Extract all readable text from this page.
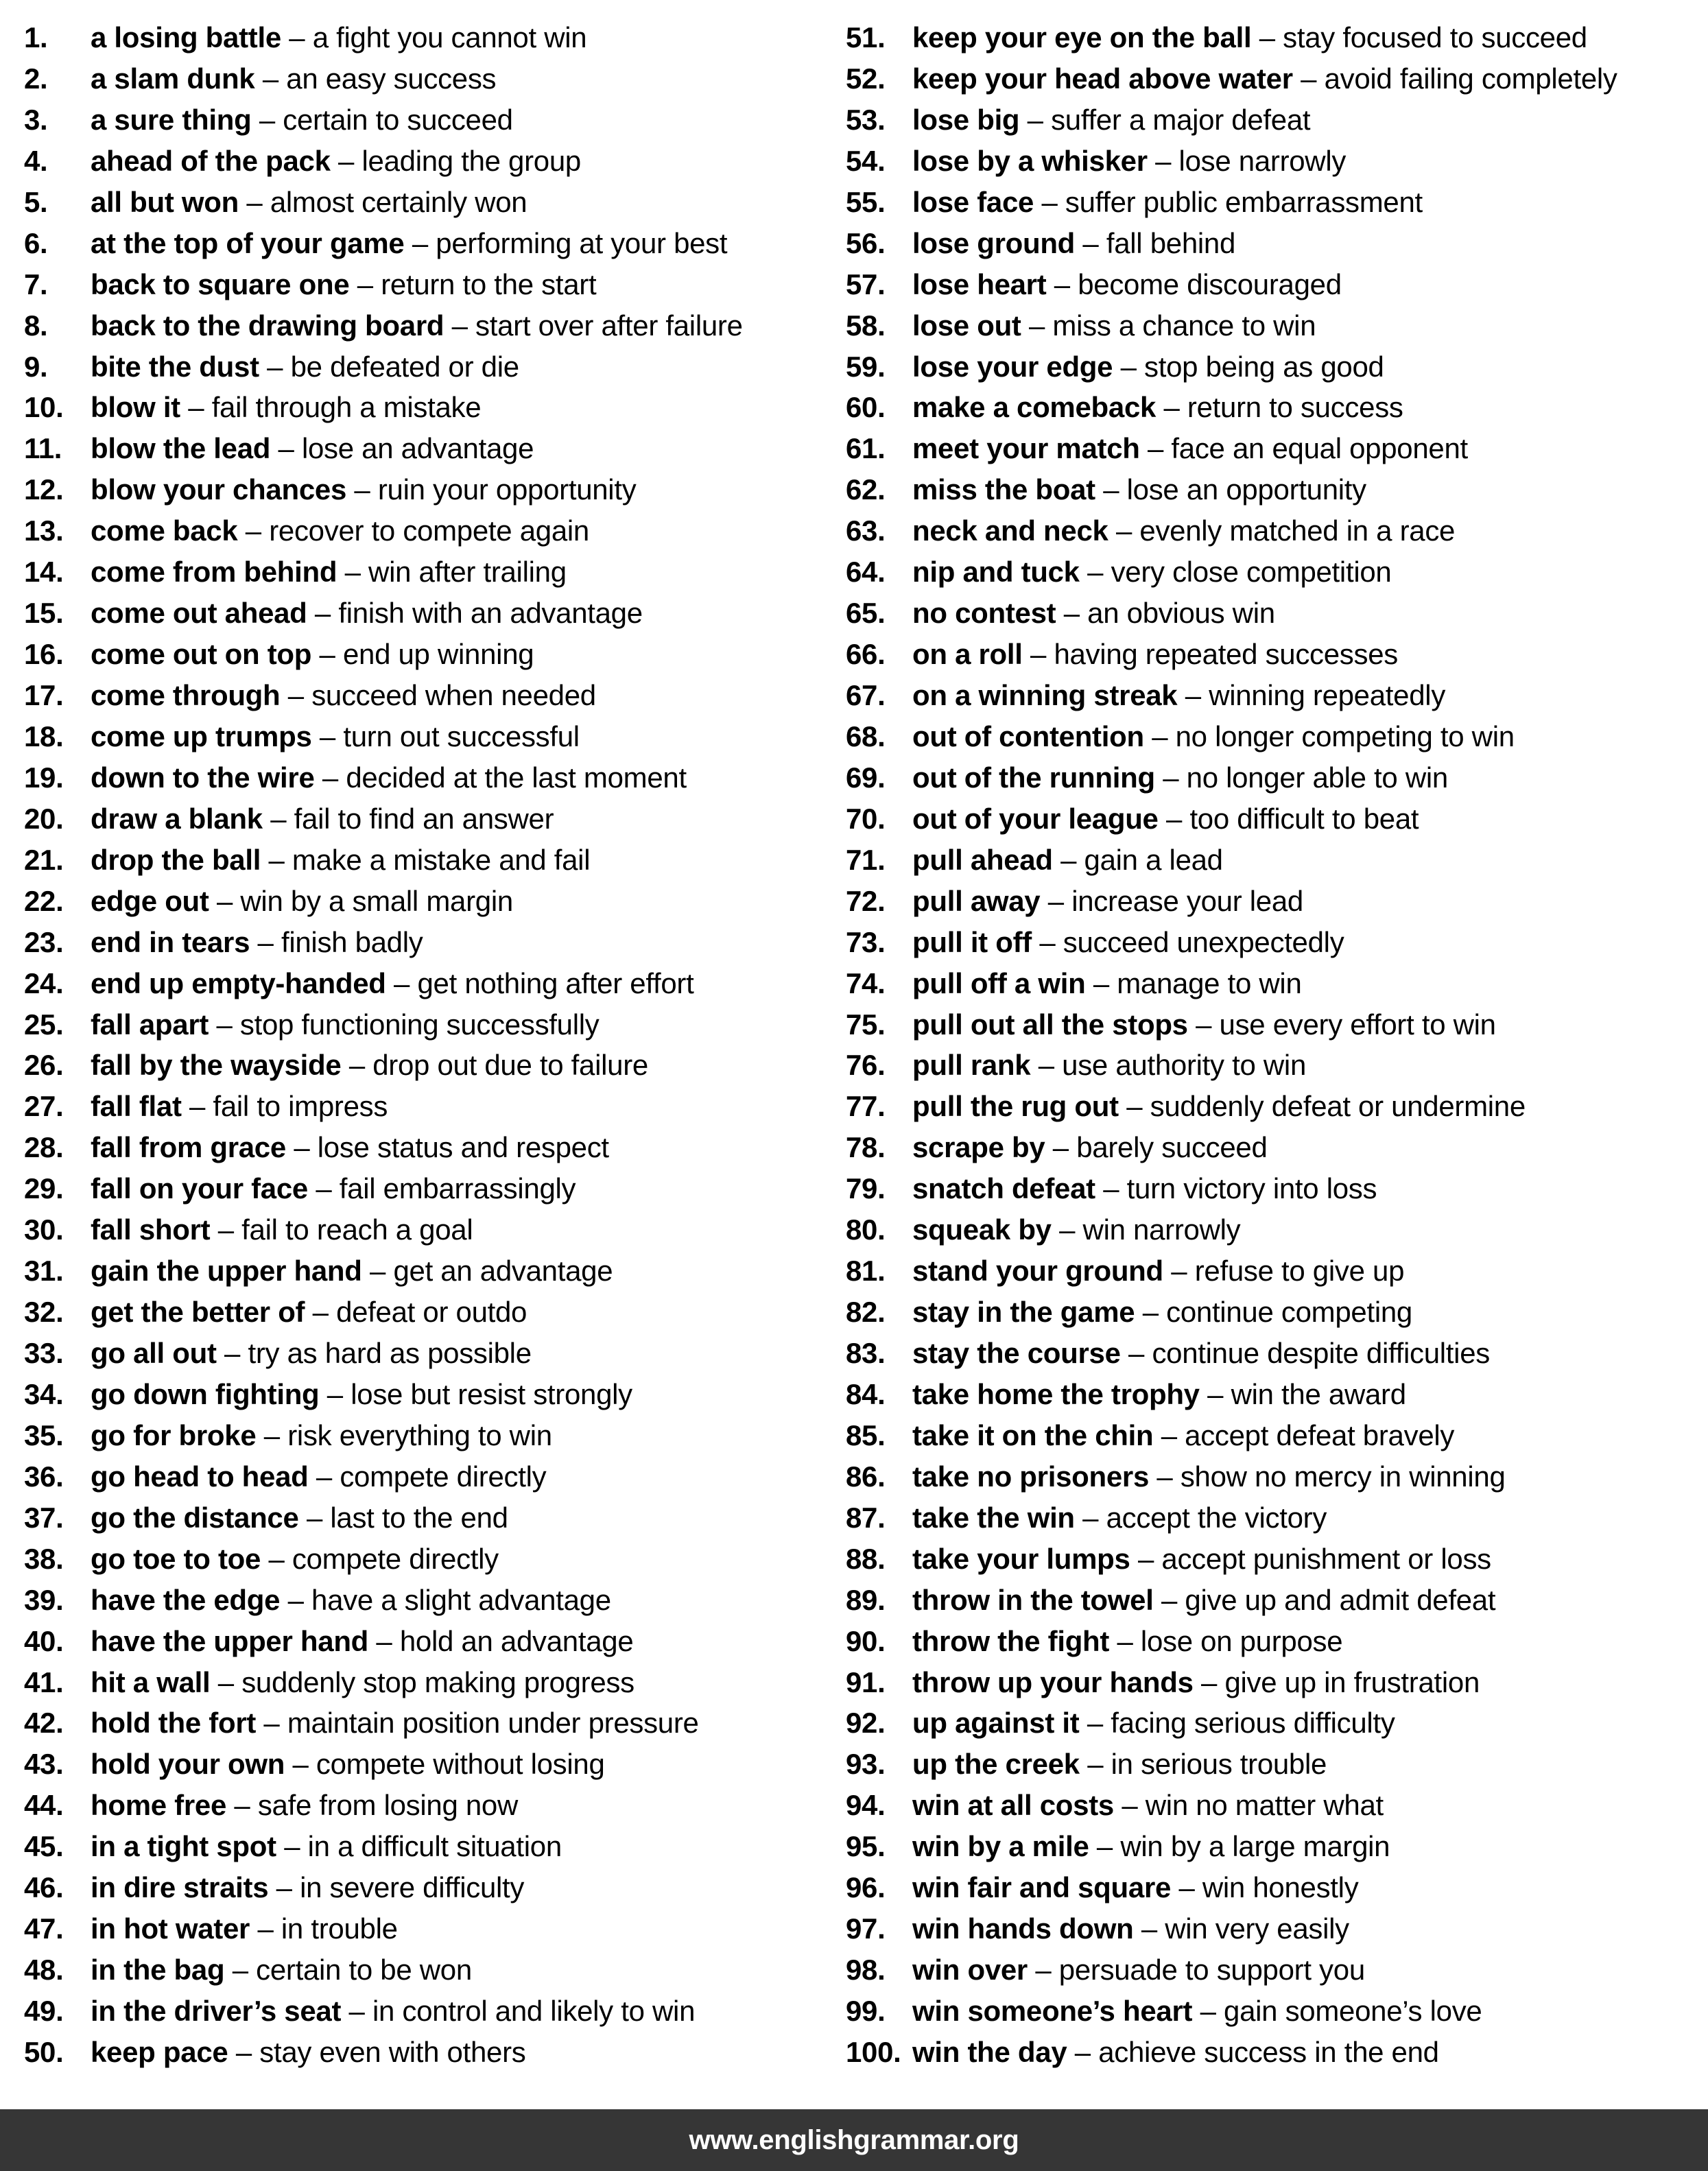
1. a losing battle – a fight you cannot win
2. a slam dunk – an easy success
3. a sure thing – certain to succeed
4. ahead of the pack – leading the group
5. all but won – almost certainly won
6. at the top of your game – performing at your best
7. back to square one – return to the start
8. back to the drawing board – start over after failure
9. bite the dust – be defeated or die
10. blow it – fail through a mistake
11. blow the lead – lose an advantage
12. blow your chances – ruin your opportunity
13. come back – recover to compete again
14. come from behind – win after trailing
15. come out ahead – finish with an advantage
16. come out on top – end up winning
17. come through – succeed when needed
18. come up trumps – turn out successful
19. down to the wire – decided at the last moment
20. draw a blank – fail to find an answer
21. drop the ball – make a mistake and fail
22. edge out – win by a small margin
23. end in tears – finish badly
24. end up empty-handed – get nothing after effort
25. fall apart – stop functioning successfully
26. fall by the wayside – drop out due to failure
27. fall flat – fail to impress
28. fall from grace – lose status and respect
29. fall on your face – fail embarrassingly
30. fall short – fail to reach a goal
31. gain the upper hand – get an advantage
32. get the better of – defeat or outdo
33. go all out – try as hard as possible
34. go down fighting – lose but resist strongly
35. go for broke – risk everything to win
36. go head to head – compete directly
37. go the distance – last to the end
38. go toe to toe – compete directly
39. have the edge – have a slight advantage
40. have the upper hand – hold an advantage
41. hit a wall – suddenly stop making progress
42. hold the fort – maintain position under pressure
43. hold your own – compete without losing
44. home free – safe from losing now
45. in a tight spot – in a difficult situation
46. in dire straits – in severe difficulty
47. in hot water – in trouble
48. in the bag – certain to be won
49. in the driver’s seat – in control and likely to win
50. keep pace – stay even with others
51. keep your eye on the ball – stay focused to succeed
52. keep your head above water – avoid failing completely
53. lose big – suffer a major defeat
54. lose by a whisker – lose narrowly
55. lose face – suffer public embarrassment
56. lose ground – fall behind
57. lose heart – become discouraged
58. lose out – miss a chance to win
59. lose your edge – stop being as good
60. make a comeback – return to success
61. meet your match – face an equal opponent
62. miss the boat – lose an opportunity
63. neck and neck – evenly matched in a race
64. nip and tuck – very close competition
65. no contest – an obvious win
66. on a roll – having repeated successes
67. on a winning streak – winning repeatedly
68. out of contention – no longer competing to win
69. out of the running – no longer able to win
70. out of your league – too difficult to beat
71. pull ahead – gain a lead
72. pull away – increase your lead
73. pull it off – succeed unexpectedly
74. pull off a win – manage to win
75. pull out all the stops – use every effort to win
76. pull rank – use authority to win
77. pull the rug out – suddenly defeat or undermine
78. scrape by – barely succeed
79. snatch defeat – turn victory into loss
80. squeak by – win narrowly
81. stand your ground – refuse to give up
82. stay in the game – continue competing
83. stay the course – continue despite difficulties
84. take home the trophy – win the award
85. take it on the chin – accept defeat bravely
86. take no prisoners – show no mercy in winning
87. take the win – accept the victory
88. take your lumps – accept punishment or loss
89. throw in the towel – give up and admit defeat
90. throw the fight – lose on purpose
91. throw up your hands – give up in frustration
92. up against it – facing serious difficulty
93. up the creek – in serious trouble
94. win at all costs – win no matter what
95. win by a mile – win by a large margin
96. win fair and square – win honestly
97. win hands down – win very easily
98. win over – persuade to support you
99. win someone’s heart – gain someone’s love
100. win the day – achieve success in the end
www.englishgrammar.org
